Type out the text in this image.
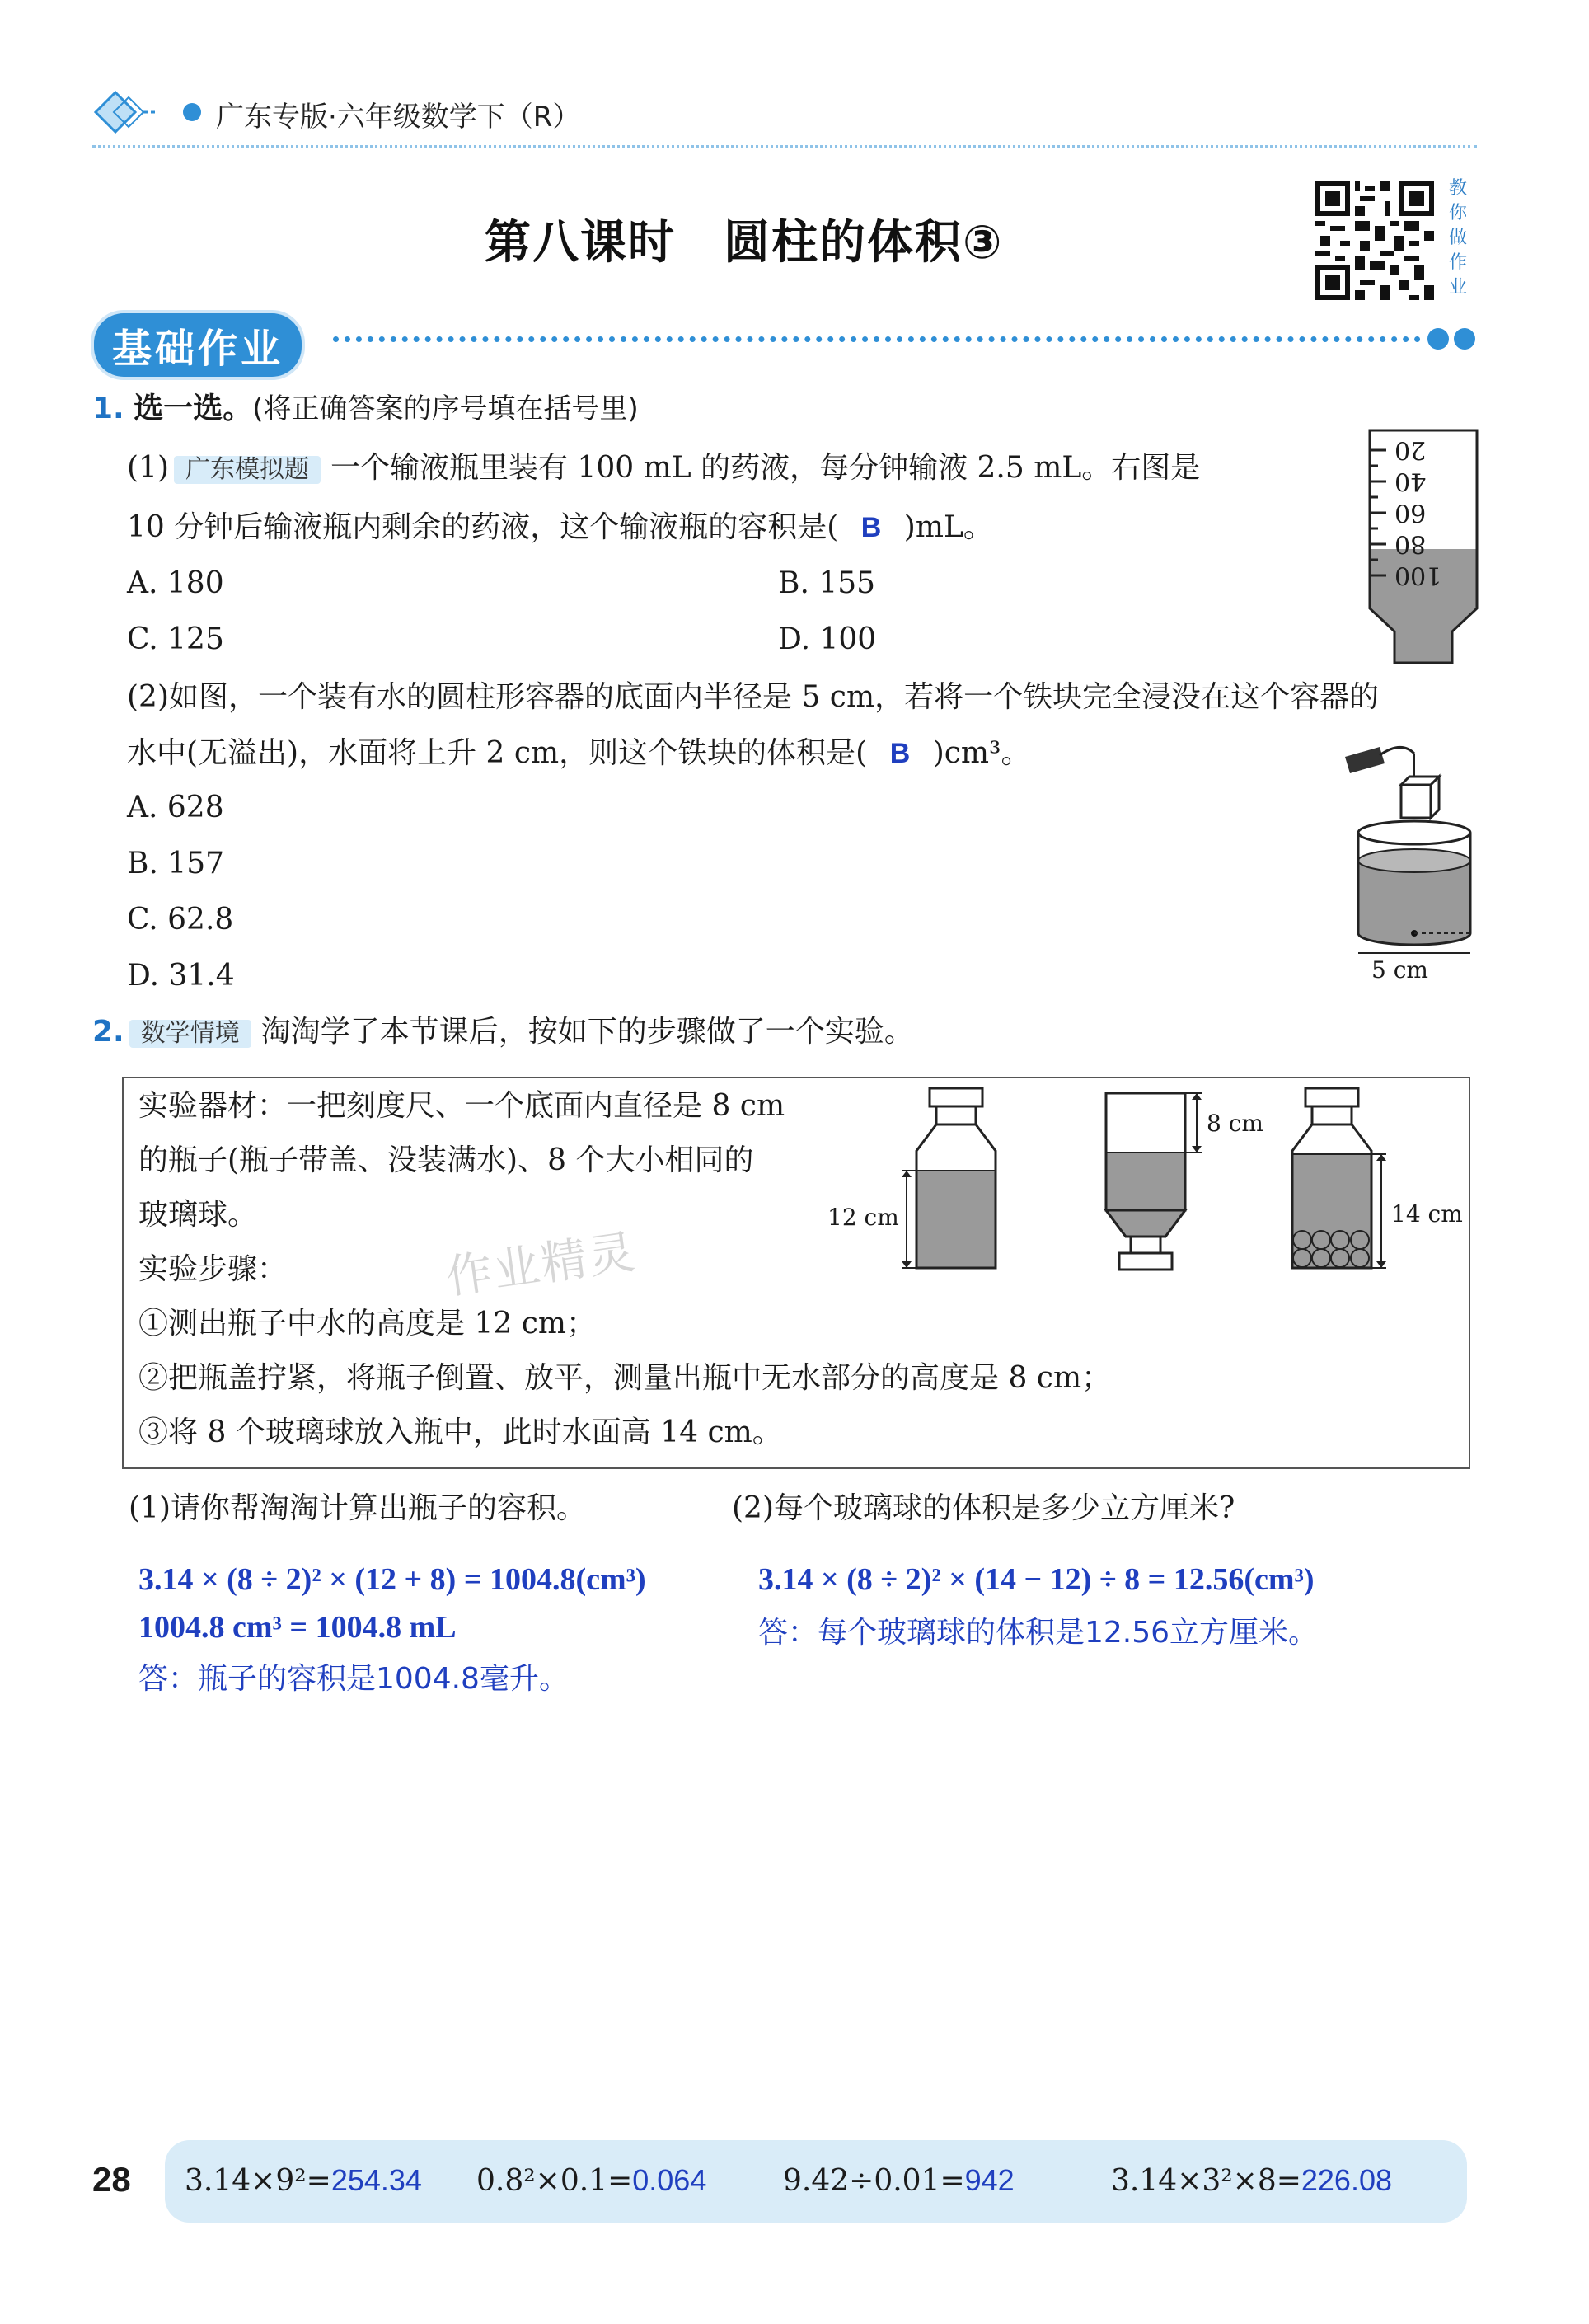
广东专版·六年级数学下（R）
第八课时　圆柱的体积③
教
你
做
作
业
基础作业
1. 选一选。(将正确答案的序号填在括号里)
(1) 广东模拟题 一个输液瓶里装有 100 mL 的药液，每分钟输液 2.5 mL。右图是
10 分钟后输液瓶内剩余的药液，这个输液瓶的容积是( B )mL。
A. 180	B. 155
C. 125	D. 100
20
40
60
80
100
(2)如图，一个装有水的圆柱形容器的底面内半径是 5 cm，若将一个铁块完全浸没在这个容器的
水中(无溢出)，水面将上升 2 cm，则这个铁块的体积是( B )cm³。
A. 628
B. 157
C. 62.8
D. 31.4	5 cm
2. 数学情境 淘淘学了本节课后，按如下的步骤做了一个实验。
实验器材：一把刻度尺、一个底面内直径是 8 cm
的瓶子(瓶子带盖、没装满水)、8 个大小相同的
玻璃球。
实验步骤：
①测出瓶子中水的高度是 12 cm；
②把瓶盖拧紧，将瓶子倒置、放平，测量出瓶中无水部分的高度是 8 cm；
③将 8 个玻璃球放入瓶中，此时水面高 14 cm。
12 cm
8 cm
14 cm
作业精灵
(1)请你帮淘淘计算出瓶子的容积。	(2)每个玻璃球的体积是多少立方厘米?
3.14 × (8 ÷ 2)² × (12 + 8) = 1004.8(cm³)
1004.8 cm³ = 1004.8 mL
答：瓶子的容积是1004.8毫升。
3.14 × (8 ÷ 2)² × (14 − 12) ÷ 8 = 12.56(cm³)
答：每个玻璃球的体积是12.56立方厘米。
28 3.14×9²=254.34 0.8²×0.1=0.064	9.42÷0.01=942	3.14×3²×8=226.08
